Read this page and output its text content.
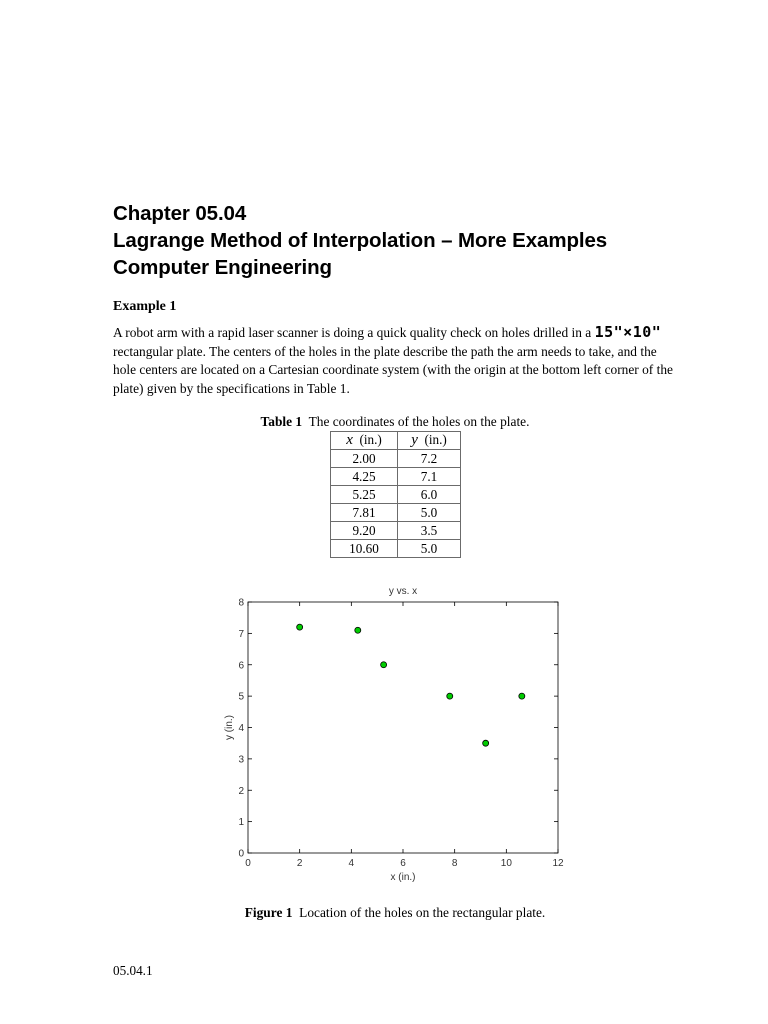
Chapter 05.04
Lagrange Method of Interpolation – More Examples
Computer Engineering
Example 1
A robot arm with a rapid laser scanner is doing a quick quality check on holes drilled in a 15"×10" rectangular plate. The centers of the holes in the plate describe the path the arm needs to take, and the hole centers are located on a Cartesian coordinate system (with the origin at the bottom left corner of the plate) given by the specifications in Table 1.
Table 1 The coordinates of the holes on the plate.
x (in.)	y (in.)
2.00	7.2
4.25	7.1
5.25	6.0
7.81	5.0
9.20	3.5
10.60	5.0
y vs. x
x (in.)
y (in.)
0	2	4	6	8	10	12
0
1
2
3
4
5
6
7
8
Figure 1 Location of the holes on the rectangular plate.
05.04.1
